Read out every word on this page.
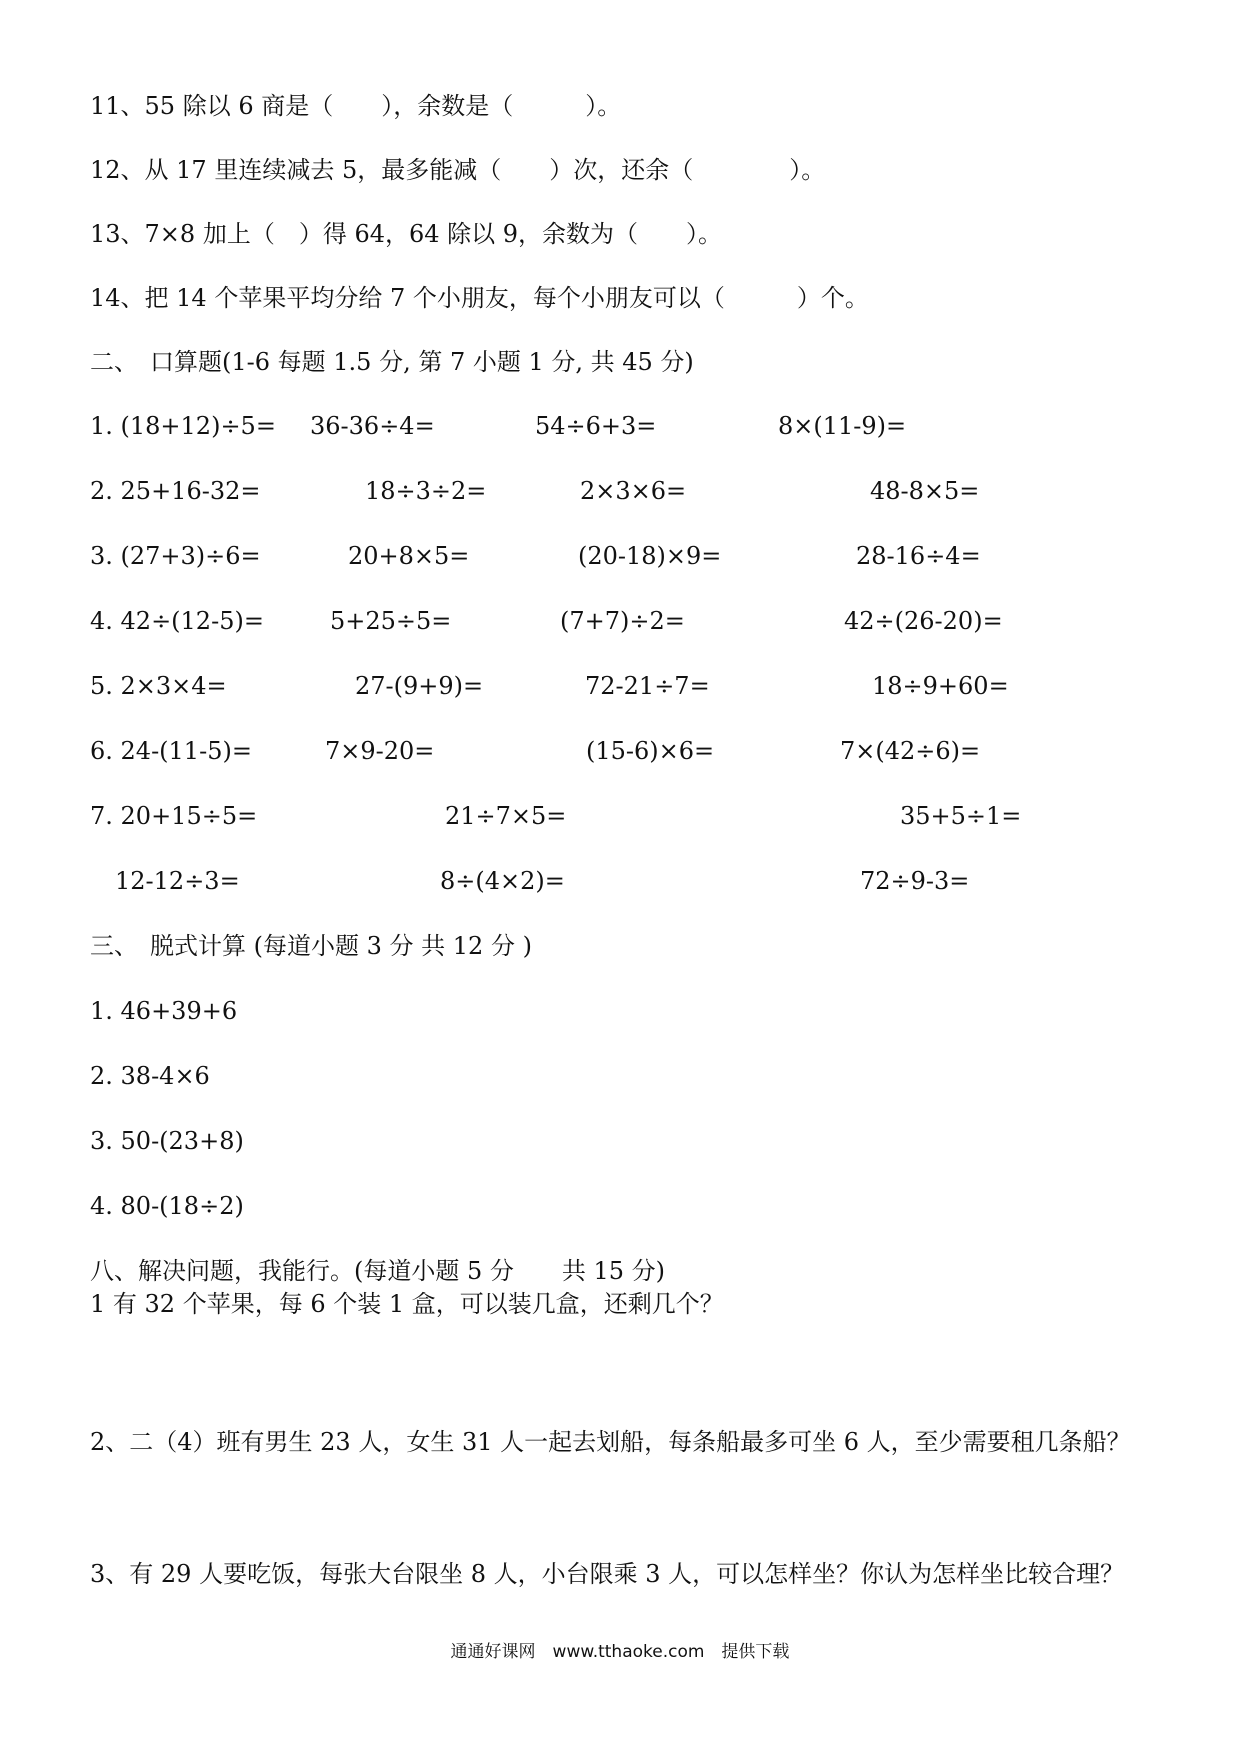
11、55 除以 6 商是（　　），余数是（　　　）。
12、从 17 里连续减去 5，最多能减（　　）次，还余（　　　　）。
13、7×8 加上（　）得 64，64 除以 9，余数为（　　）。
14、把 14 个苹果平均分给 7 个小朋友，每个小朋友可以（　　　）个。
二、　口算题(1-6 每题 1.5 分, 第 7 小题 1 分, 共 45 分)
1. (18+12)÷5= 36-36÷4=	54÷6+3=	8×(11-9)=
2. 25+16-32=	18÷3÷2=	2×3×6=	48-8×5=
3. (27+3)÷6=	20+8×5=	(20-18)×9=	28-16÷4=
4. 42÷(12-5)=	5+25÷5=	(7+7)÷2=	42÷(26-20)=
5. 2×3×4=	27-(9+9)=	72-21÷7=	18÷9+60=
6. 24-(11-5)=	7×9-20=	(15-6)×6=	7×(42÷6)=
7. 20+15÷5=	21÷7×5=	35+5÷1=
12-12÷3=	8÷(4×2)=	72÷9-3=
三、　脱式计算 (每道小题 3 分 共 12 分 )
1. 46+39+6
2. 38-4×6
3. 50-(23+8)
4. 80-(18÷2)
八、解决问题，我能行。(每道小题 5 分　　共 15 分)
1 有 32 个苹果，每 6 个装 1 盒，可以装几盒，还剩几个？
2、二（4）班有男生 23 人，女生 31 人一起去划船，每条船最多可坐 6 人，至少需要租几条船？
3、有 29 人要吃饭，每张大台限坐 8 人，小台限乘 3 人，可以怎样坐？你认为怎样坐比较合理？
通通好课网　www.tthaoke.com　提供下载
